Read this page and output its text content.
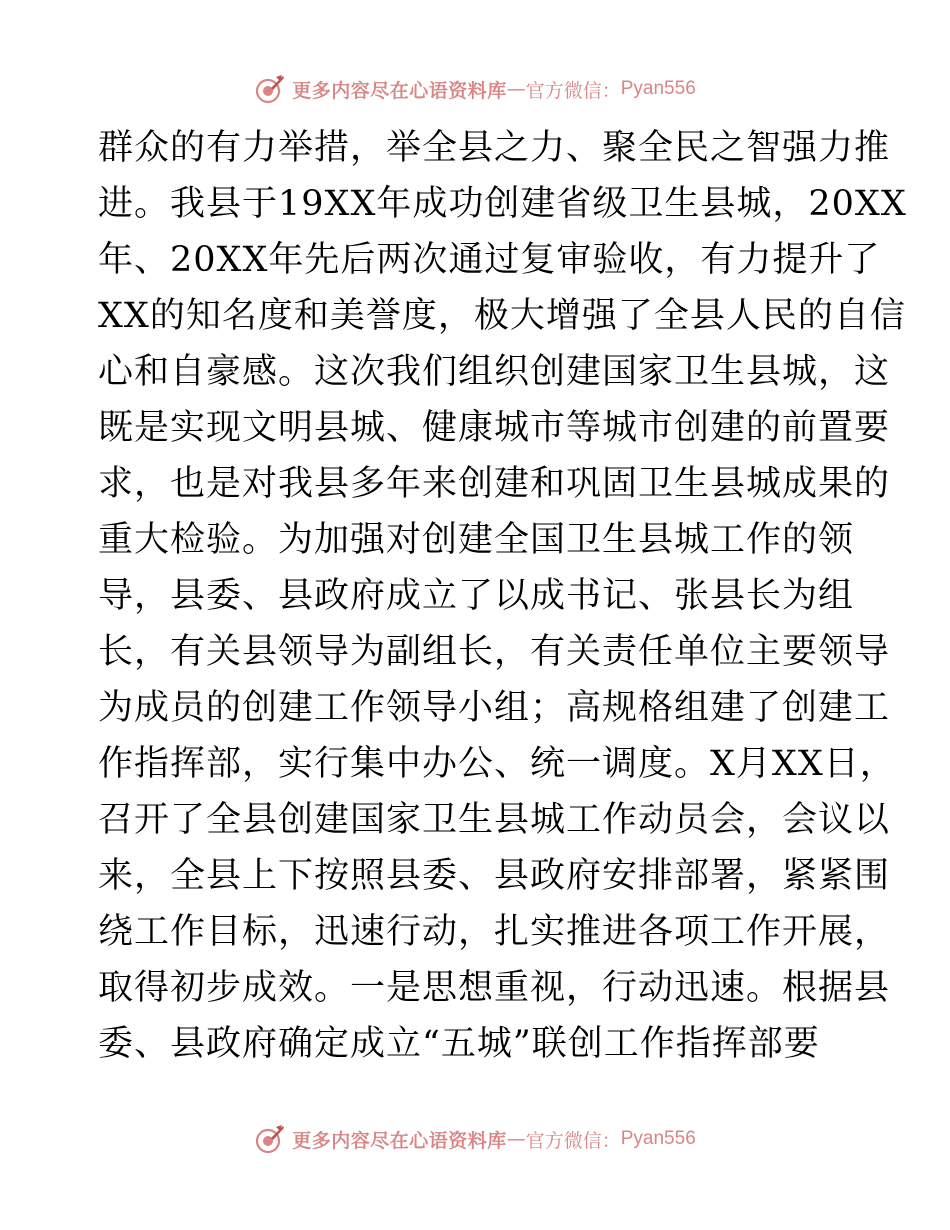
更多内容尽在心语资料库 — 官方微信： Pyan556
群众的有力举措，举全县之力、聚全民之智强力推
进。我县于19XX年成功创建省级卫生县城，20XX
年、20XX年先后两次通过复审验收，有力提升了
XX的知名度和美誉度，极大增强了全县人民的自信
心和自豪感。这次我们组织创建国家卫生县城，这
既是实现文明县城、健康城市等城市创建的前置要
求，也是对我县多年来创建和巩固卫生县城成果的
重大检验。为加强对创建全国卫生县城工作的领
导，县委、县政府成立了以成书记、张县长为组
长，有关县领导为副组长，有关责任单位主要领导
为成员的创建工作领导小组；高规格组建了创建工
作指挥部，实行集中办公、统一调度。X月XX日，
召开了全县创建国家卫生县城工作动员会，会议以
来，全县上下按照县委、县政府安排部署，紧紧围
绕工作目标，迅速行动，扎实推进各项工作开展，
取得初步成效。一是思想重视，行动迅速。根据县
委、县政府确定成立“五城”联创工作指挥部要
更多内容尽在心语资料库 — 官方微信： Pyan556
